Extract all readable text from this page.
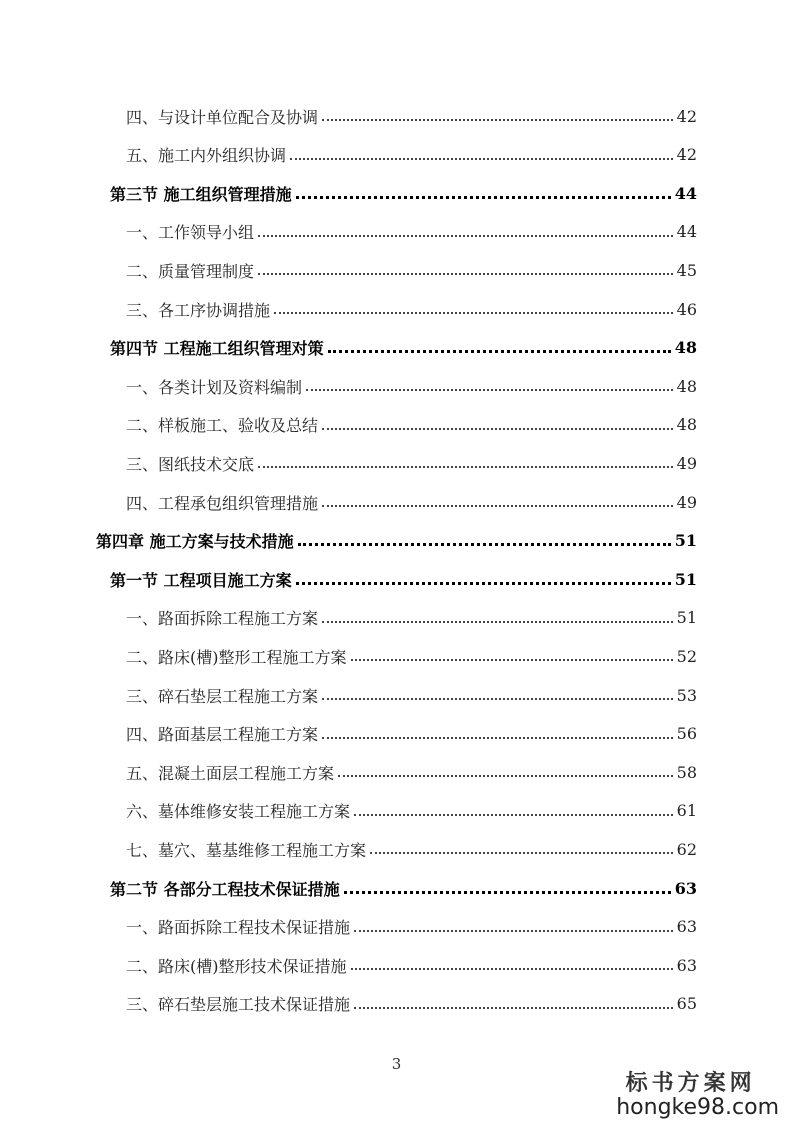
四、与设计单位配合及协调	42
五、施工内外组织协调	42
第三节 施工组织管理措施	44
一、工作领导小组	44
二、质量管理制度	45
三、各工序协调措施	46
第四节 工程施工组织管理对策	48
一、各类计划及资料编制	48
二、样板施工、验收及总结	48
三、图纸技术交底	49
四、工程承包组织管理措施	49
第四章 施工方案与技术措施	51
第一节 工程项目施工方案	51
一、路面拆除工程施工方案	51
二、路床(槽)整形工程施工方案	52
三、碎石垫层工程施工方案	53
四、路面基层工程施工方案	56
五、混凝土面层工程施工方案	58
六、墓体维修安装工程施工方案	61
七、墓穴、墓基维修工程施工方案	62
第二节 各部分工程技术保证措施	63
一、路面拆除工程技术保证措施	63
二、路床(槽)整形技术保证措施	63
三、碎石垫层施工技术保证措施	65
3
标书方案网
hongke98.com
